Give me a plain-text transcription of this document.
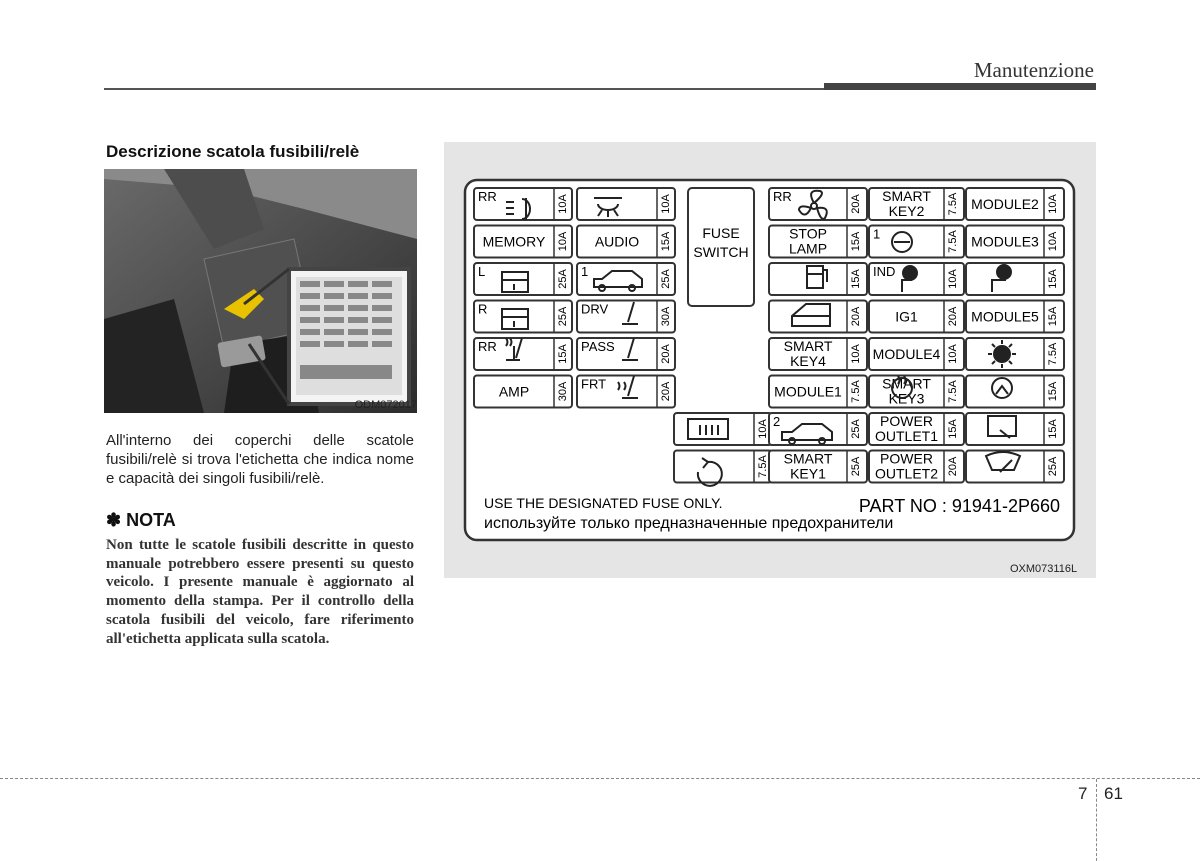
Manutenzione
Descrizione scatola fusibili/relè
ODM072017
All'interno dei coperchi delle scatole fusibili/relè si trova l'etichetta che indica nome e capacità dei singoli fusibili/relè.
✽ NOTA
Non tutte le scatole fusibili descritte in questo manuale potrebbero essere presenti su questo veicolo. I presente manuale è aggiornato al momento della stampa. Per il controllo della scatola fusibili del veicolo, fare riferimento all'etichetta applicata sulla scatola.
10A
RR
10A
MEMORY
25A
L
25A
R
15A
RR
30A
AMP
10A
15A
AUDIO
25A
1
30A
DRV
20A
PASS
20A
FRT
10A
7.5A
20A
RR
15A
STOP
LAMP
15A
20A
10A
SMART
KEY4
7.5A
MODULE1
25A
2
25A
SMART
KEY1
7.5A
SMART
KEY2
7.5A
1
10A
IND
20A
IG1
10A
MODULE4
7.5A
SMART
KEY3
15A
POWER
OUTLET1
20A
POWER
OUTLET2
10A
MODULE2
10A
MODULE3
15A
15A
MODULE5
7.5A
15A
15A
25A
FUSE
SWITCH
USE THE DESIGNATED FUSE ONLY.	PART NO : 91941-2P660
используйте только предназначенные предохранители
OXM073116L
7 61
